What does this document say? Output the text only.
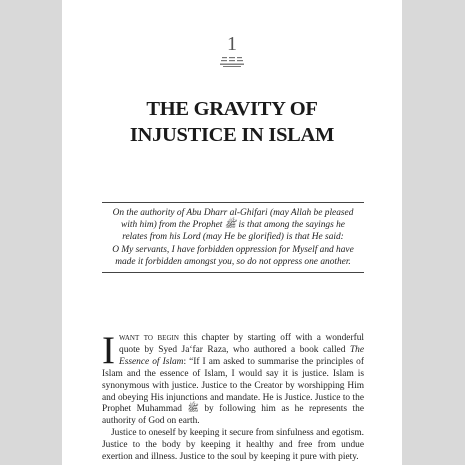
1
THE GRAVITY OF
INJUSTICE IN ISLAM

On the authority of Abu Dharr al-Ghifari (may Allah be pleased
with him) from the Prophet ﷺ is that among the sayings he
relates from his Lord (may He be glorified) is that He said:
O My servants, I have forbidden oppression for Myself and have
made it forbidden amongst you, so do not oppress one another.

Iwant to begin this chapter by starting off with a wonderful quote by Syed Ja‘far Raza, who authored a book called The Essence of Islam: “If I am asked to summarise the principles of Islam and the essence of Islam, I would say it is justice. Islam is synonymous with justice. Justice to the Creator by worshipping Him and obeying His injunctions and mandate. He is Justice. Justice to the Prophet Muhammad ﷺ by following him as he represents the authority of God on earth.

Justice to oneself by keeping it secure from sinfulness and egotism. Justice to the body by keeping it healthy and free from undue exertion and illness. Justice to the soul by keeping it pure with piety.
